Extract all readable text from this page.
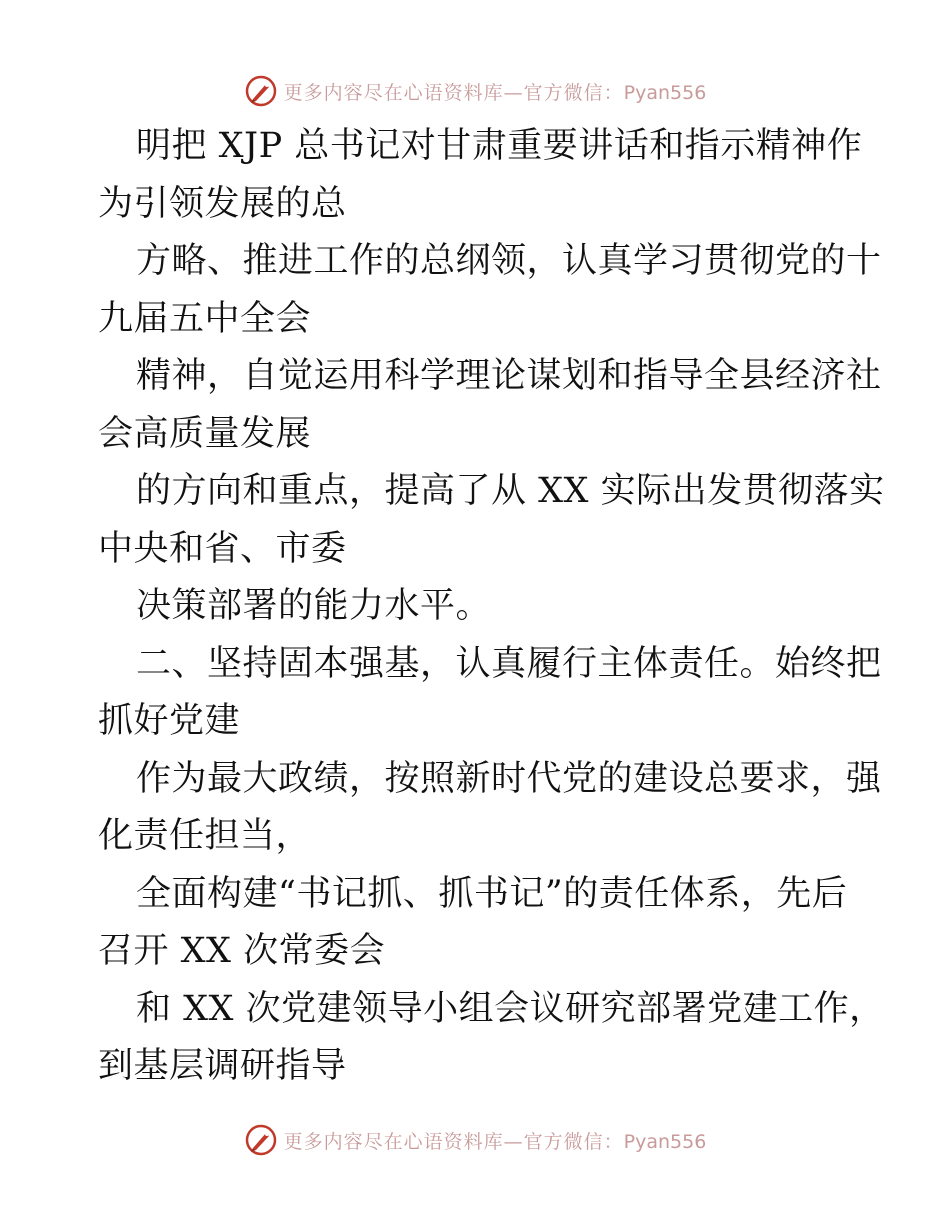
更多内容尽在心语资料库—官方微信：Pyan556
明把 XJP 总书记对甘肃重要讲话和指示精神作
为引领发展的总
方略、推进工作的总纲领，认真学习贯彻党的十
九届五中全会
精神，自觉运用科学理论谋划和指导全县经济社
会高质量发展
的方向和重点，提高了从 XX 实际出发贯彻落实
中央和省、市委
决策部署的能力水平。
二、坚持固本强基，认真履行主体责任。始终把
抓好党建
作为最大政绩，按照新时代党的建设总要求，强
化责任担当，
全面构建“书记抓、抓书记”的责任体系，先后
召开 XX 次常委会
和 XX 次党建领导小组会议研究部署党建工作，
到基层调研指导
更多内容尽在心语资料库—官方微信：Pyan556
